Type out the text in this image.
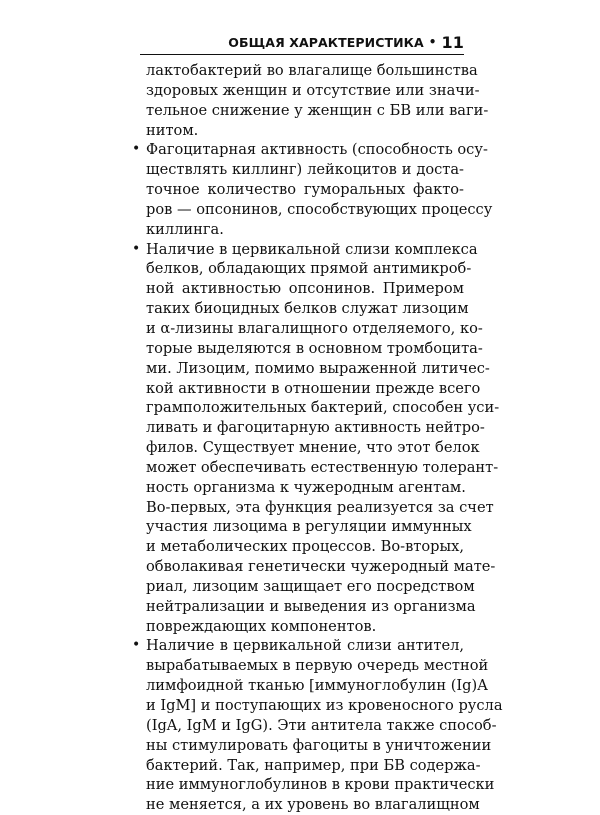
ОБЩАЯ ХАРАКТЕРИСТИКА • 11

лактобактерий во влагалище большинства
здоровых женщин и отсутствие или значи-
тельное снижение у женщин с БВ или ваги-
нитом.

• Фагоцитарная активность (способность осу-
ществлять киллинг) лейкоцитов и доста-
точное количество гуморальных факто-
ров — опсонинов, способствующих процессу
киллинга.

• Наличие в цервикальной слизи комплекса
белков, обладающих прямой антимикроб-
ной активностью опсонинов. Примером
таких биоцидных белков служат лизоцим
и α-лизины влагалищного отделяемого, ко-
торые выделяются в основном тромбоцита-
ми. Лизоцим, помимо выраженной литичес-
кой активности в отношении прежде всего
грамположительных бактерий, способен уси-
ливать и фагоцитарную активность нейтро-
филов. Существует мнение, что этот белок
может обеспечивать естественную толерант-
ность организма к чужеродным агентам.
Во-первых, эта функция реализуется за счет
участия лизоцима в регуляции иммунных
и метаболических процессов. Во-вторых,
обволакивая генетически чужеродный мате-
риал, лизоцим защищает его посредством
нейтрализации и выведения из организма
повреждающих компонентов.

• Наличие в цервикальной слизи антител,
вырабатываемых в первую очередь местной
лимфоидной тканью [иммуноглобулин (Ig)A
и IgM] и поступающих из кровеносного русла
(IgA, IgM и IgG). Эти антитела также способ-
ны стимулировать фагоциты в уничтожении
бактерий. Так, например, при БВ содержа-
ние иммуноглобулинов в крови практически
не меняется, а их уровень во влагалищном
